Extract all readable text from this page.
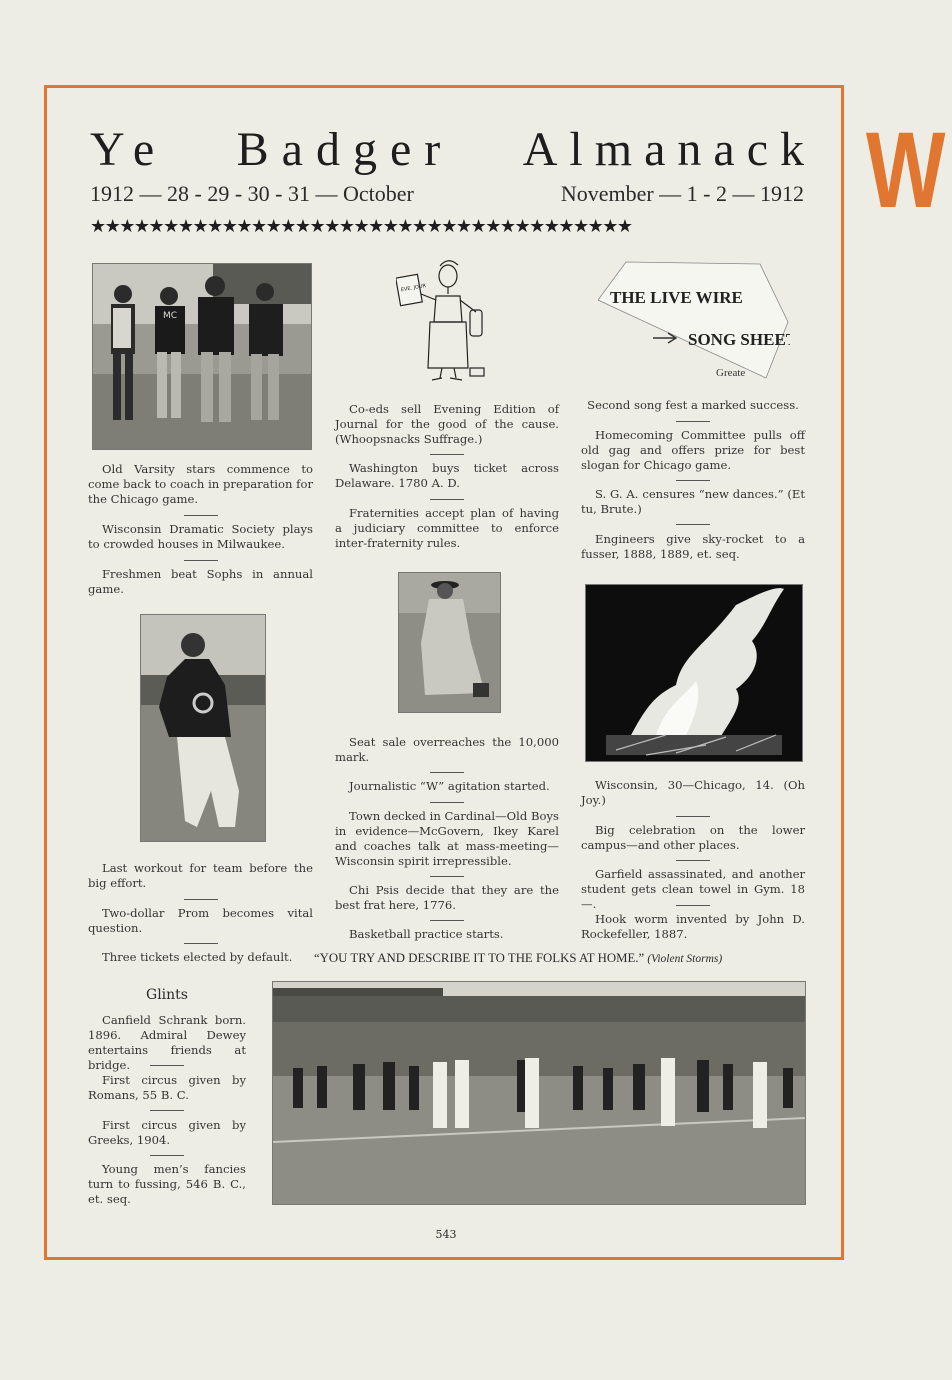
W
Ye Badger Almanack
1912 — 28 - 29 - 30 - 31 — October	November — 1 - 2 — 1912
★★★★★★★★★★★★★★★★★★★★★★★★★★★★★★★★★★★★★
MC
Old Varsity stars commence to come back to coach in preparation for the Chicago game.
Wisconsin Dramatic Society plays to crowded houses in Milwaukee.
Freshmen beat Sophs in annual game.
Last workout for team before the big effort.
Two-dollar Prom becomes vital question.
Three tickets elected by default.
EVE. JOUR
Co-eds sell Evening Edition of Journal for the good of the cause. (Whoopsnacks Suffrage.)
Washington buys ticket across Delaware. 1780 A. D.
Fraternities accept plan of having a judiciary committee to enforce inter-fraternity rules.
Seat sale overreaches the 10,000 mark.
Journalistic “W” agitation started.
Town decked in Cardinal—Old Boys in evidence—McGovern, Ikey Karel and coaches talk at mass-meeting—Wisconsin spirit irrepressible.
Chi Psis decide that they are the best frat here, 1776.
Basketball practice starts.
THE LIVE WIRE
SONG SHEET
Greate
Second song fest a marked success.
Homecoming Committee pulls off old gag and offers prize for best slogan for Chicago game.
S. G. A. censures “new dances.” (Et tu, Brute.)
Engineers give sky-rocket to a fusser, 1888, 1889, et. seq.
Wisconsin, 30—Chicago, 14. (Oh Joy.)
Big celebration on the lower campus—and other places.
Garfield assassinated, and another student gets clean towel in Gym. 18—.
Hook worm invented by John D. Rockefeller, 1887.
“YOU TRY AND DESCRIBE IT TO THE FOLKS AT HOME.” (Violent Storms)
Glints
Canfield Schrank born. 1896. Admiral Dewey entertains friends at bridge.
First circus given by Romans, 55 B. C.
First circus given by Greeks, 1904.
Young men’s fancies turn to fussing, 546 B. C., et. seq.
543
